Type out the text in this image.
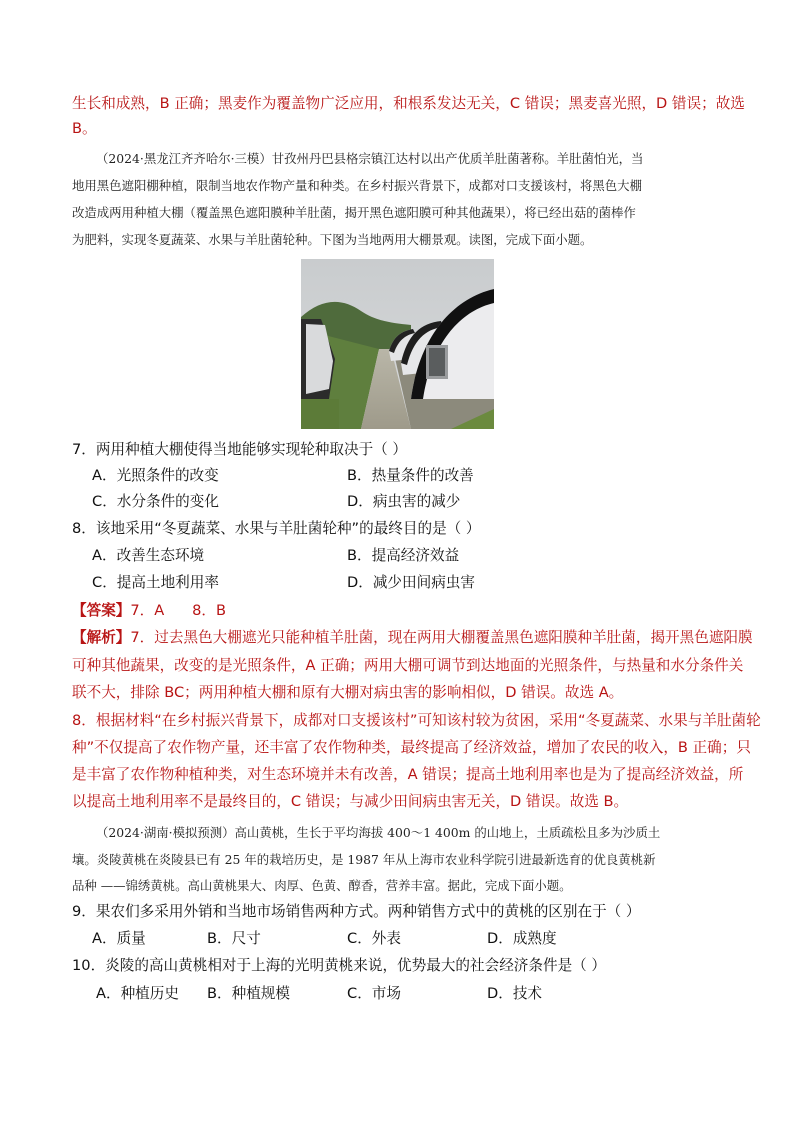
生长和成熟，B 正确；黑麦作为覆盖物广泛应用，和根系发达无关，C 错误；黑麦喜光照，D 错误；故选
B。
（2024·黑龙江齐齐哈尔·三模）甘孜州丹巴县格宗镇江达村以出产优质羊肚菌著称。羊肚菌怕光，当
地用黑色遮阳棚种植，限制当地农作物产量和种类。在乡村振兴背景下，成都对口支援该村，将黑色大棚
改造成两用种植大棚（覆盖黑色遮阳膜种羊肚菌，揭开黑色遮阳膜可种其他蔬果），将已经出菇的菌棒作
为肥料，实现冬夏蔬菜、水果与羊肚菌轮种。下图为当地两用大棚景观。读图，完成下面小题。
7．两用种植大棚使得当地能够实现轮种取决于（ ）
A．光照条件的改变	B．热量条件的改善
C．水分条件的变化	D．病虫害的减少
8．该地采用“冬夏蔬菜、水果与羊肚菌轮种”的最终目的是（ ）
A．改善生态环境	B．提高经济效益
C．提高土地利用率	D．减少田间病虫害
【答案】7．A      8．B
【解析】7．过去黑色大棚遮光只能种植羊肚菌，现在两用大棚覆盖黑色遮阳膜种羊肚菌，揭开黑色遮阳膜
可种其他蔬果，改变的是光照条件，A 正确；两用大棚可调节到达地面的光照条件，与热量和水分条件关
联不大，排除 BC；两用种植大棚和原有大棚对病虫害的影响相似，D 错误。故选 A。
8．根据材料“在乡村振兴背景下，成都对口支援该村”可知该村较为贫困，采用“冬夏蔬菜、水果与羊肚菌轮
种”不仅提高了农作物产量，还丰富了农作物种类，最终提高了经济效益，增加了农民的收入，B 正确；只
是丰富了农作物种植种类，对生态环境并未有改善，A 错误；提高土地利用率也是为了提高经济效益，所
以提高土地利用率不是最终目的，C 错误；与减少田间病虫害无关，D 错误。故选 B。
（2024·湖南·模拟预测）高山黄桃，生长于平均海拔 400～1 400m 的山地上，土质疏松且多为沙质土
壤。炎陵黄桃在炎陵县已有 25 年的栽培历史，是 1987 年从上海市农业科学院引进最新选育的优良黄桃新
品种 ——锦绣黄桃。高山黄桃果大、肉厚、色黄、醇香，营养丰富。据此，完成下面小题。
9．果农们多采用外销和当地市场销售两种方式。两种销售方式中的黄桃的区别在于（ ）
A．质量	B．尺寸	C．外表	D．成熟度
10．炎陵的高山黄桃相对于上海的光明黄桃来说，优势最大的社会经济条件是（ ）
A．种植历史 B．种植规模	C．市场	D．技术
